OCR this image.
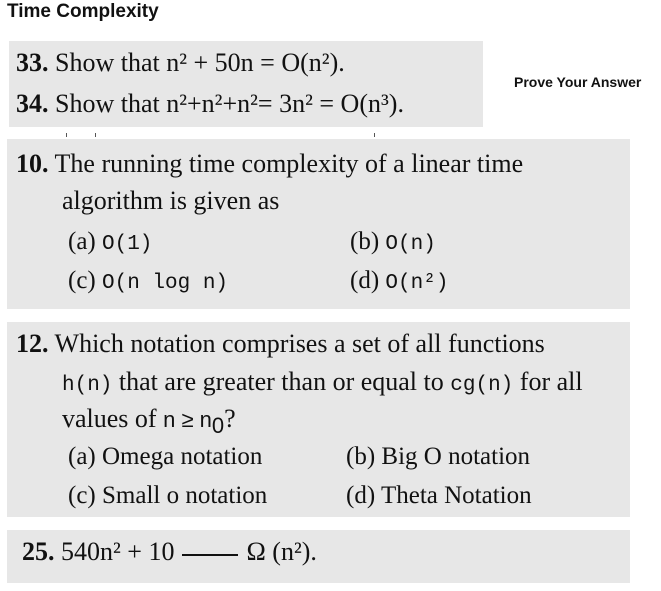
Time Complexity
33. Show that n² + 50n = O(n²).
34. Show that n²+n²+n²= 3n² = O(n³).
Prove Your Answer
10. The running time complexity of a linear time
algorithm is given as
(a) O(1)	(b) O(n)
(c) O(n log n)	(d) O(n²)
12. Which notation comprises a set of all functions
h(n) that are greater than or equal to cg(n) for all
values of $n \ge n_0$?
(a) Omega notation	(b) Big O notation
(c) Small o notation	(d) Theta Notation
25. 540n² + 10	Ω (n²).
